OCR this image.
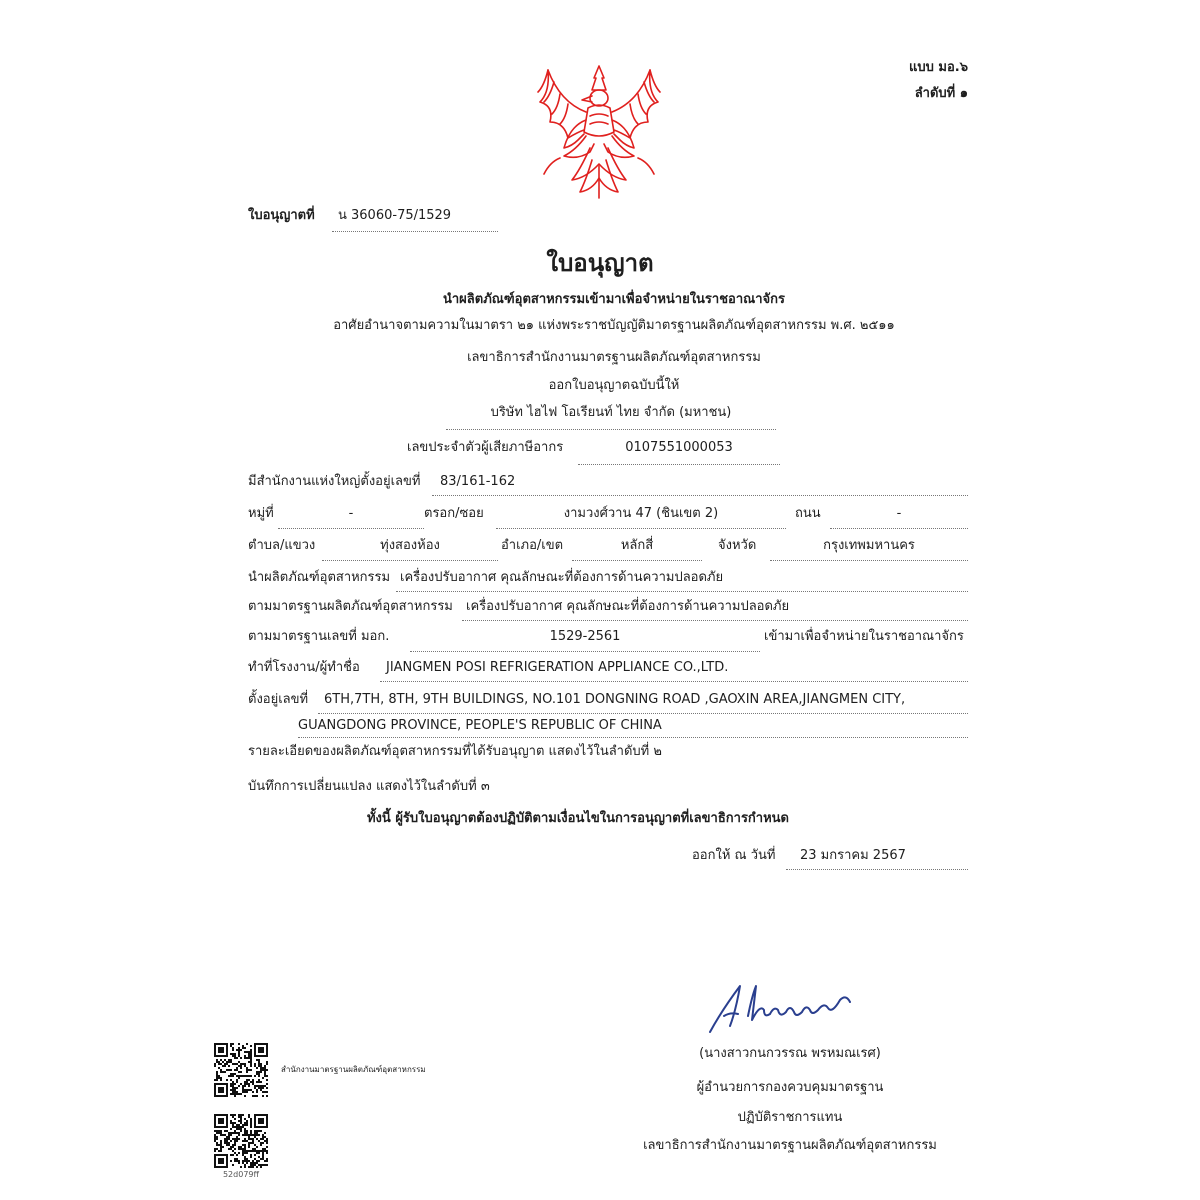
แบบ มอ.๖
ลำดับที่ ๑
ใบอนุญาตที่	น 36060-75/1529
ใบอนุญาต
นำผลิตภัณฑ์อุตสาหกรรมเข้ามาเพื่อจำหน่ายในราชอาณาจักร
อาศัยอำนาจตามความในมาตรา ๒๑ แห่งพระราชบัญญัติมาตรฐานผลิตภัณฑ์อุตสาหกรรม พ.ศ. ๒๕๑๑
เลขาธิการสำนักงานมาตรฐานผลิตภัณฑ์อุตสาหกรรม
ออกใบอนุญาตฉบับนี้ให้
บริษัท ไฮไฟ โอเรียนท์ ไทย จำกัด (มหาชน)
เลขประจำตัวผู้เสียภาษีอากร	0107551000053
มีสำนักงานแห่งใหญ่ตั้งอยู่เลขที่	83/161-162
หมู่ที่	-	ตรอก/ซอย	งามวงศ์วาน 47 (ชินเขต 2)	ถนน	-
ตำบล/แขวง	ทุ่งสองห้อง	อำเภอ/เขต	หลักสี่	จังหวัด	กรุงเทพมหานคร
นำผลิตภัณฑ์อุตสาหกรรม เครื่องปรับอากาศ คุณลักษณะที่ต้องการด้านความปลอดภัย
ตามมาตรฐานผลิตภัณฑ์อุตสาหกรรม	เครื่องปรับอากาศ คุณลักษณะที่ต้องการด้านความปลอดภัย
ตามมาตรฐานเลขที่ มอก.	1529-2561	เข้ามาเพื่อจำหน่ายในราชอาณาจักร
ทำที่โรงงาน/ผู้ทำชื่อ	JIANGMEN POSI REFRIGERATION APPLIANCE CO.,LTD.
ตั้งอยู่เลขที่	6TH,7TH, 8TH, 9TH BUILDINGS, NO.101 DONGNING ROAD ,GAOXIN AREA,JIANGMEN CITY,
GUANGDONG PROVINCE, PEOPLE'S REPUBLIC OF CHINA
รายละเอียดของผลิตภัณฑ์อุตสาหกรรมที่ได้รับอนุญาต แสดงไว้ในลำดับที่ ๒
บันทึกการเปลี่ยนแปลง แสดงไว้ในลำดับที่ ๓
ทั้งนี้ ผู้รับใบอนุญาตต้องปฏิบัติตามเงื่อนไขในการอนุญาตที่เลขาธิการกำหนด
ออกให้ ณ วันที่	23 มกราคม 2567
(นางสาวกนกวรรณ พรหมณเรศ)
ผู้อำนวยการกองควบคุมมาตรฐาน
ปฏิบัติราชการแทน
เลขาธิการสำนักงานมาตรฐานผลิตภัณฑ์อุตสาหกรรม
สำนักงานมาตรฐานผลิตภัณฑ์อุตสาหกรรม
52d079ff
